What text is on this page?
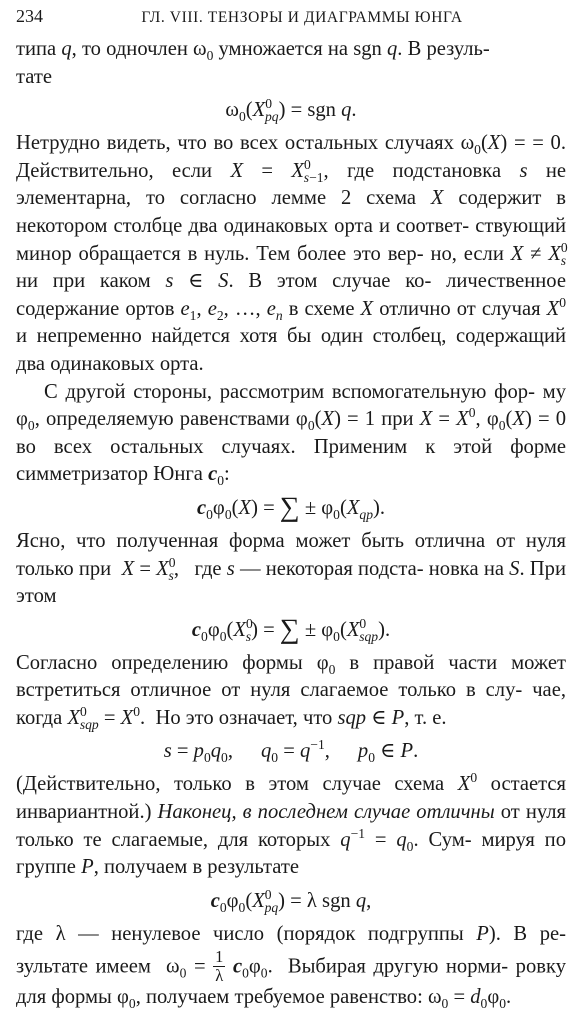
234	ГЛ. VIII. ТЕНЗОРЫ И ДИАГРАММЫ ЮНГА

типа q, то одночлен $\omega_0$ умножается на sgn q. В резуль-
тате

$\omega_0(X^0_{pq})$ = sgn q.

Нетрудно видеть, что во всех остальных случаях $\omega_0(X)$ = = 0. Действительно, если $X = X^0_{s-1}$, где подстановка s не элементарна, то согласно лемме 2 схема X содержит в некотором столбце два одинаковых орта и соответ- ствующий минор обращается в нуль. Тем более это вер- но, если $X \ne X^0_s$ ни при каком s ∈ S. В этом случае ко- личественное содержание ортов $e_1$, $e_2$, …, $e_n$ в схеме X отлично от случая $X^0$ и непременно найдется хотя бы один столбец, содержащий два одинаковых орта.

С другой стороны, рассмотрим вспомогательную фор- му $\varphi_0$, определяемую равенствами $\varphi_0(X) = 1$ при $X = X^0$, $\varphi_0(X) = 0$ во всех остальных случаях. Применим к этой форме симметризатор Юнга $c_0$:

$c_0\varphi_0(X)$ = ∑ ± $\varphi_0(X_{qp})$.

Ясно, что полученная форма может быть отлична от нуля только при  $X = X^0_s$,   где s — некоторая подста- новка на S. При этом

$c_0\varphi_0(X^0_s)$ = ∑ ± $\varphi_0(X^0_{sqp})$.

Согласно определению формы $\varphi_0$ в правой части может встретиться отличное от нуля слагаемое только в слу- чае, когда $X^0_{sqp} = X^0$.  Но это означает, что sqp ∈ P, т. е.

$s = p_0q_0$, $q_0 = q^{-1}$, $p_0$ ∈ P.

(Действительно, только в этом случае схема $X^0$ остается инвариантной.) Наконец, в последнем случае отличны от нуля только те слагаемые, для которых $q^{-1} = q_0$. Сум- мируя по группе P, получаем в результате

$c_0\varphi_0(X^0_{pq}) = \lambda$ sgn q,

где λ — ненулевое число (порядок подгруппы P). В ре- зультате имеем  $\omega_0 = \frac{1}{\lambda} c_0\varphi_0$.  Выбирая другую норми- ровку для формы $\varphi_0$, получаем требуемое равенство: $\omega_0 = d_0\varphi_0$.
